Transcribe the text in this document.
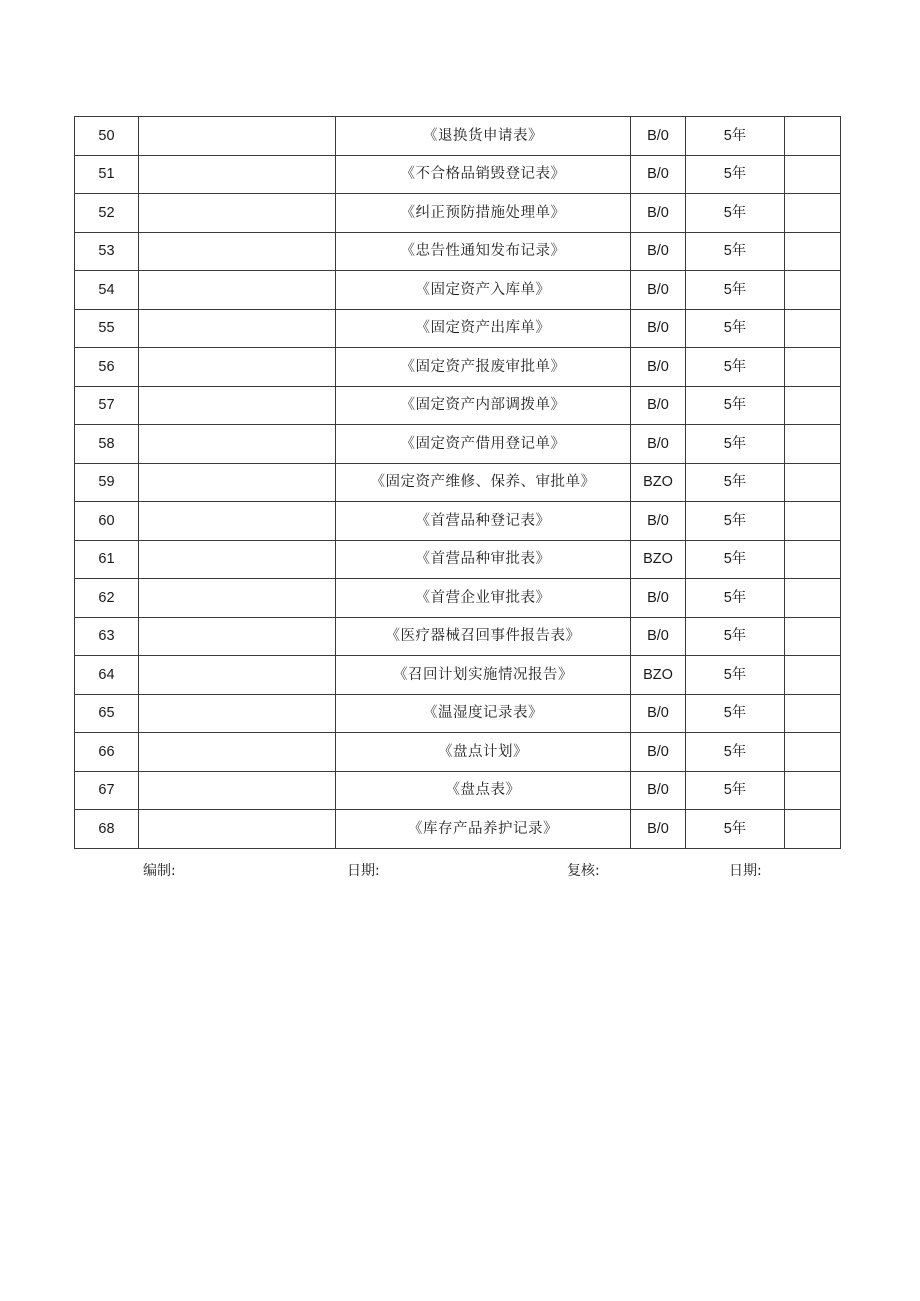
50		《退换货申请表》	B/0	5年	
51		《不合格品销毁登记表》	B/0	5年	
52		《纠正预防措施处理单》	B/0	5年	
53		《忠告性通知发布记录》	B/0	5年	
54		《固定资产入库单》	B/0	5年	
55		《固定资产出库单》	B/0	5年	
56		《固定资产报废审批单》	B/0	5年	
57		《固定资产内部调拨单》	B/0	5年	
58		《固定资产借用登记单》	B/0	5年	
59		《固定资产维修、保养、审批单》	BZO	5年	
60		《首营品种登记表》	B/0	5年	
61		《首营品种审批表》	BZO	5年	
62		《首营企业审批表》	B/0	5年	
63		《医疗器械召回事件报告表》	B/0	5年	
64		《召回计划实施情况报告》	BZO	5年	
65		《温湿度记录表》	B/0	5年	
66		《盘点计划》	B/0	5年	
67		《盘点表》	B/0	5年	
68		《库存产品养护记录》	B/0	5年	
编制:	日期:	复核:	日期:
